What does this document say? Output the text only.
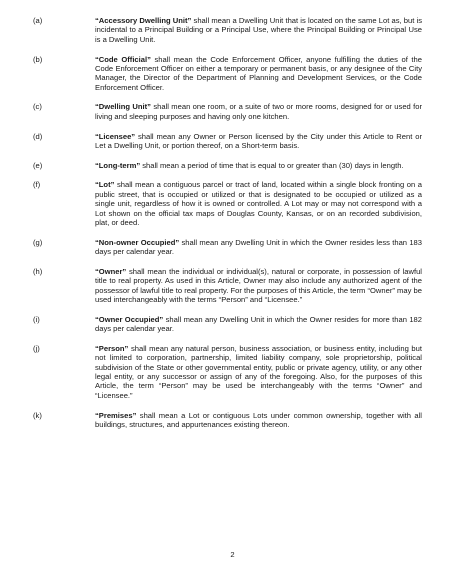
(a)	“Accessory Dwelling Unit” shall mean a Dwelling Unit that is located on the same Lot as, but is incidental to a Principal Building or a Principal Use, where the Principal Building or Principal Use is a Dwelling Unit.
(b)	“Code Official” shall mean the Code Enforcement Officer, anyone fulfilling the duties of the Code Enforcement Officer on either a temporary or permanent basis, or any designee of the City Manager, the Director of the Department of Planning and Development Services, or the Code Enforcement Officer.
(c)	“Dwelling Unit” shall mean one room, or a suite of two or more rooms, designed for or used for living and sleeping purposes and having only one kitchen.
(d)	“Licensee” shall mean any Owner or Person licensed by the City under this Article to Rent or Let a Dwelling Unit, or portion thereof, on a Short-term basis.
(e)	“Long-term” shall mean a period of time that is equal to or greater than (30) days in length.
(f)	“Lot” shall mean a contiguous parcel or tract of land, located within a single block fronting on a public street, that is occupied or utilized or that is designated to be occupied or utilized as a single unit, regardless of how it is owned or controlled. A Lot may or may not correspond with a Lot shown on the official tax maps of Douglas County, Kansas, or on an recorded subdivision, plat, or deed.
(g)	“Non-owner Occupied” shall mean any Dwelling Unit in which the Owner resides less than 183 days per calendar year.
(h)	“Owner” shall mean the individual or individual(s), natural or corporate, in possession of lawful title to real property. As used in this Article, Owner may also include any authorized agent of the possessor of lawful title to real property. For the purposes of this Article, the term “Owner” may be used interchangeably with the terms “Person” and “Licensee.”
(i)	“Owner Occupied” shall mean any Dwelling Unit in which the Owner resides for more than 182 days per calendar year.
(j)	“Person” shall mean any natural person, business association, or business entity, including but not limited to corporation, partnership, limited liability company, sole proprietorship, political subdivision of the State or other governmental entity, public or private agency, utility, or any other legal entity, or any successor or assign of any of the foregoing. Also, for the purposes of this Article, the term “Person” may be used be interchangeably with the terms “Owner” and “Licensee.”
(k)	“Premises” shall mean a Lot or contiguous Lots under common ownership, together with all buildings, structures, and appurtenances existing thereon.
2
